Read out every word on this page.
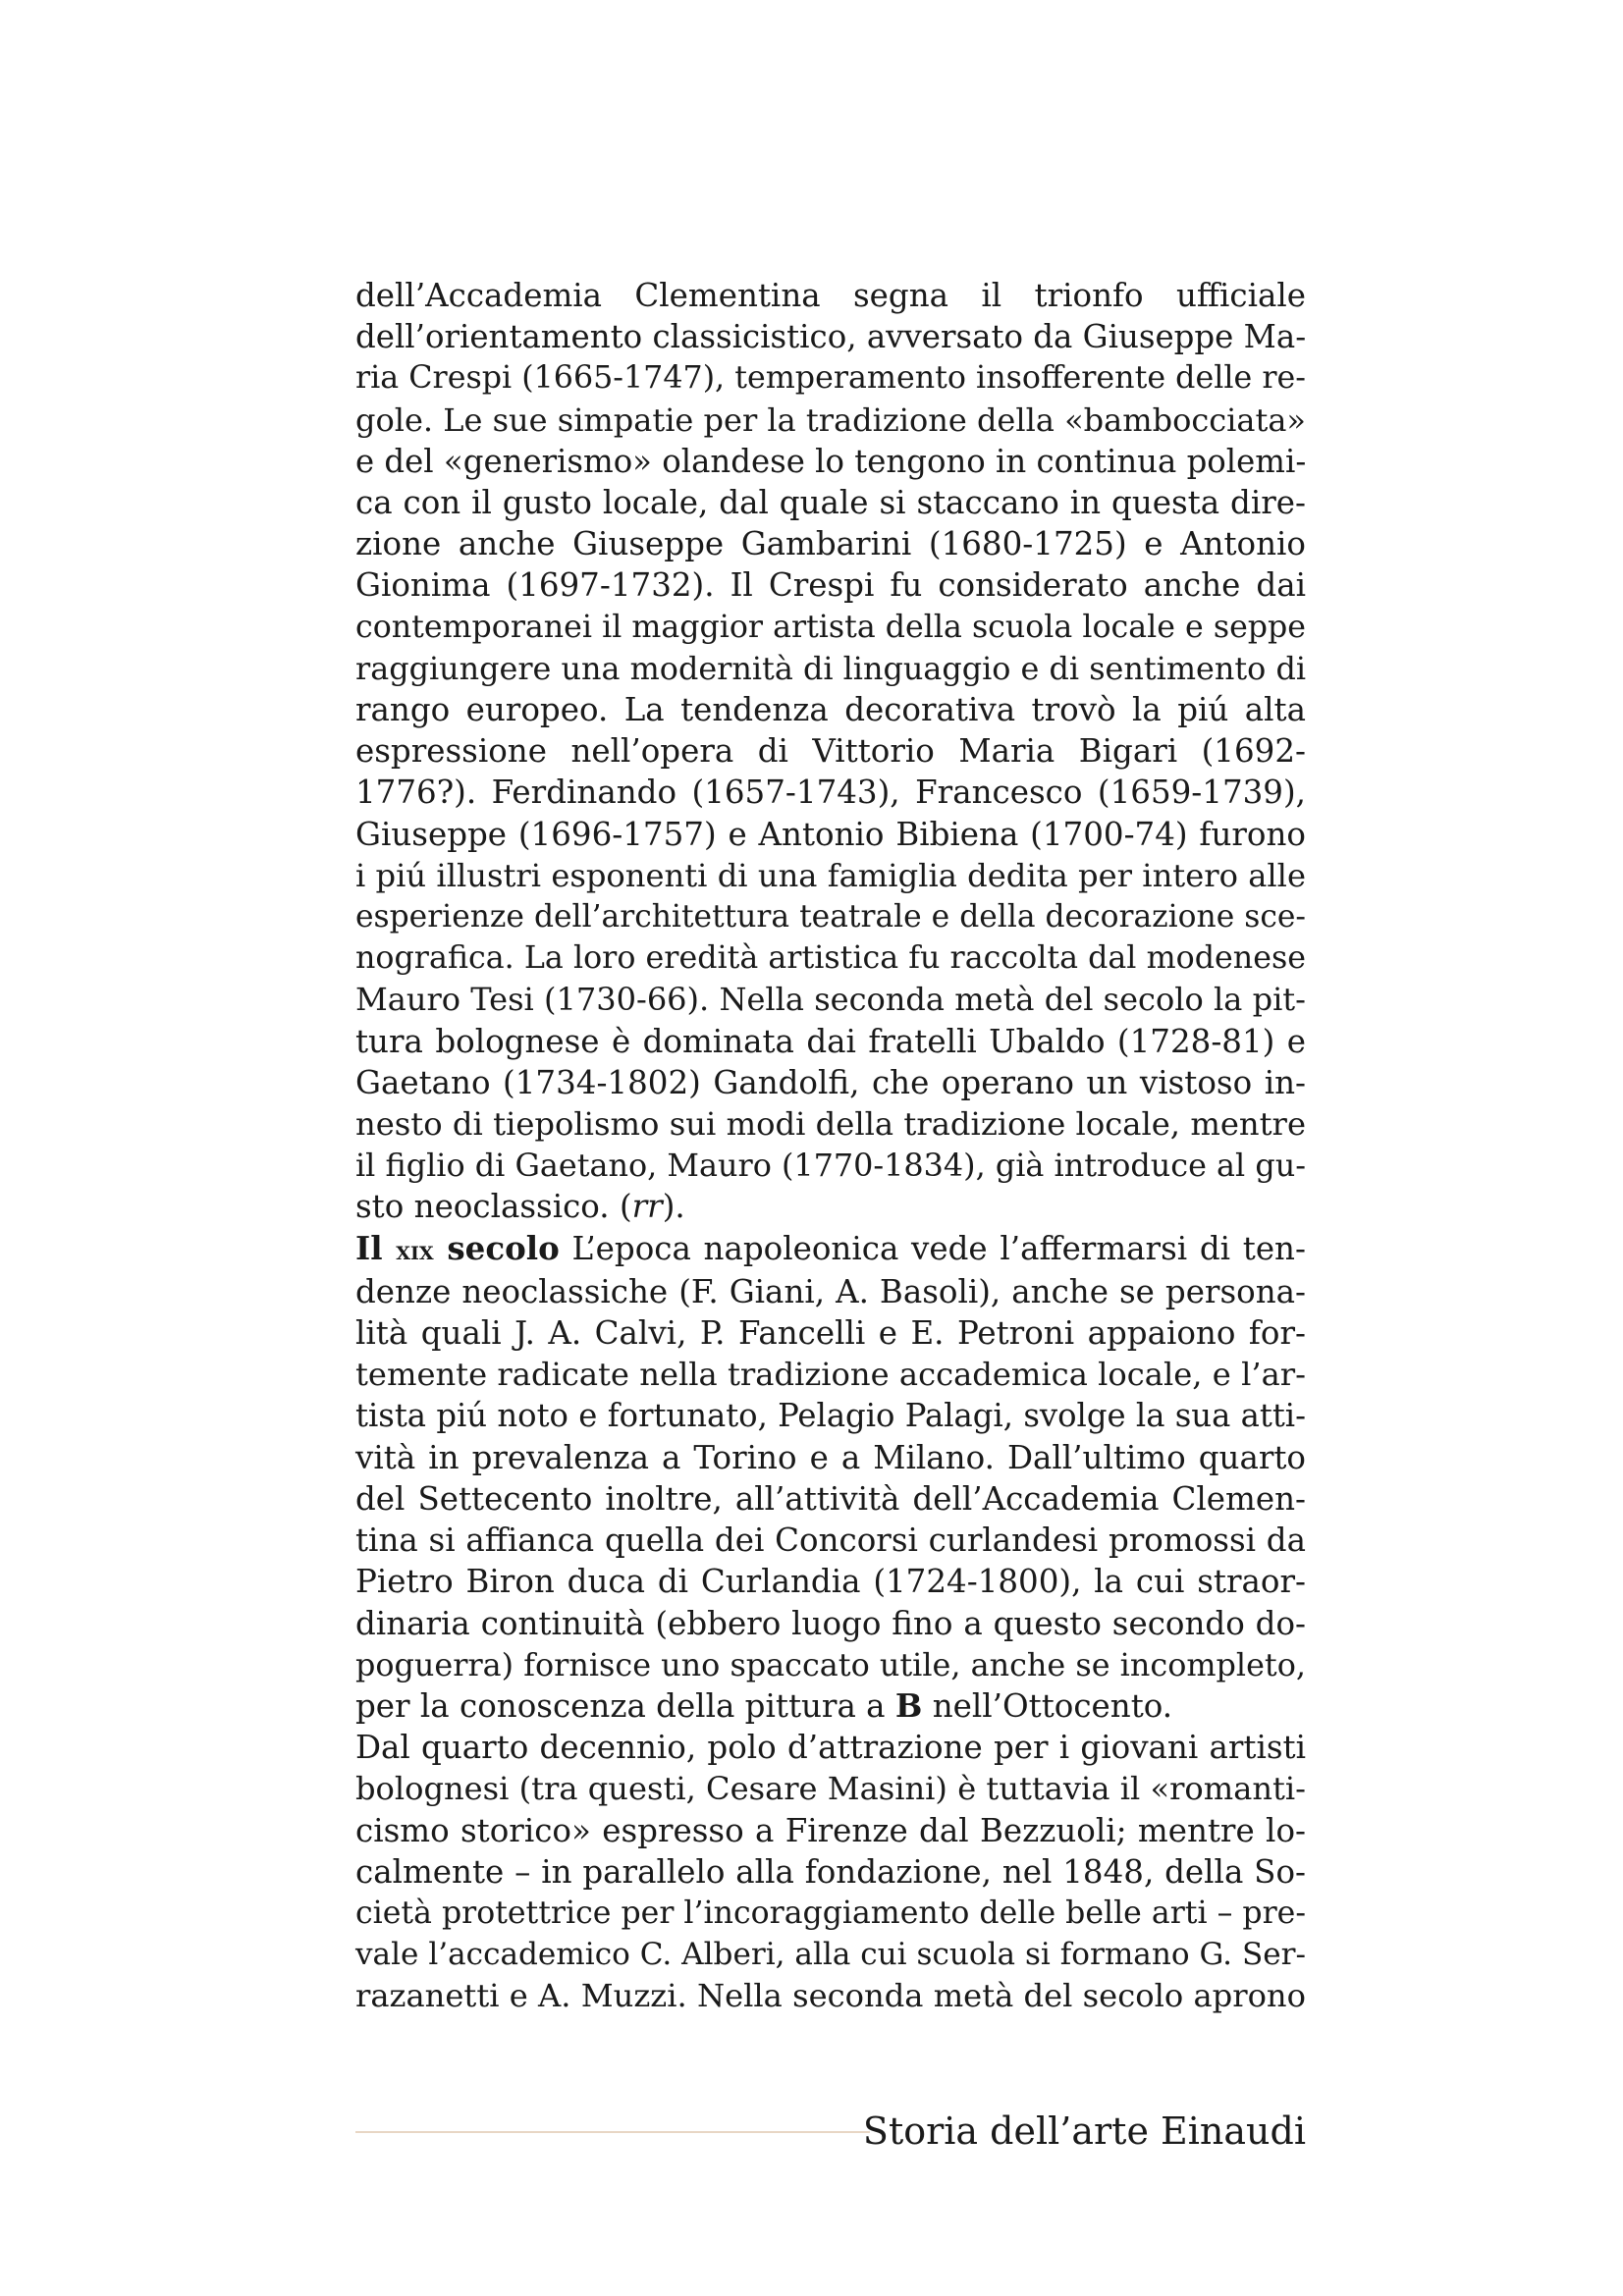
dell’Accademia Clementina segna il trionfo ufficiale
dell’orientamento classicistico, avversato da Giuseppe Ma-
ria Crespi (1665-1747), temperamento insofferente delle re-
gole. Le sue simpatie per la tradizione della «bambocciata»
e del «generismo» olandese lo tengono in continua polemi-
ca con il gusto locale, dal quale si staccano in questa dire-
zione anche Giuseppe Gambarini (1680-1725) e Antonio
Gionima (1697-1732). Il Crespi fu considerato anche dai
contemporanei il maggior artista della scuola locale e seppe
raggiungere una modernità di linguaggio e di sentimento di
rango europeo. La tendenza decorativa trovò la piú alta
espressione nell’opera di Vittorio Maria Bigari (1692-
1776?). Ferdinando (1657-1743), Francesco (1659-1739),
Giuseppe (1696-1757) e Antonio Bibiena (1700-74) furono
i piú illustri esponenti di una famiglia dedita per intero alle
esperienze dell’architettura teatrale e della decorazione sce-
nografica. La loro eredità artistica fu raccolta dal modenese
Mauro Tesi (1730-66). Nella seconda metà del secolo la pit-
tura bolognese è dominata dai fratelli Ubaldo (1728-81) e
Gaetano (1734-1802) Gandolfi, che operano un vistoso in-
nesto di tiepolismo sui modi della tradizione locale, mentre
il figlio di Gaetano, Mauro (1770-1834), già introduce al gu-
sto neoclassico. (rr).

Il xix secolo L’epoca napoleonica vede l’affermarsi di ten-
denze neoclassiche (F. Giani, A. Basoli), anche se persona-
lità quali J. A. Calvi, P. Fancelli e E. Petroni appaiono for-
temente radicate nella tradizione accademica locale, e l’ar-
tista piú noto e fortunato, Pelagio Palagi, svolge la sua atti-
vità in prevalenza a Torino e a Milano. Dall’ultimo quarto
del Settecento inoltre, all’attività dell’Accademia Clemen-
tina si affianca quella dei Concorsi curlandesi promossi da
Pietro Biron duca di Curlandia (1724-1800), la cui straor-
dinaria continuità (ebbero luogo fino a questo secondo do-
poguerra) fornisce uno spaccato utile, anche se incompleto,
per la conoscenza della pittura a B nell’Ottocento.

Dal quarto decennio, polo d’attrazione per i giovani artisti
bolognesi (tra questi, Cesare Masini) è tuttavia il «romanti-
cismo storico» espresso a Firenze dal Bezzuoli; mentre lo-
calmente – in parallelo alla fondazione, nel 1848, della So-
cietà protettrice per l’incoraggiamento delle belle arti – pre-
vale l’accademico C. Alberi, alla cui scuola si formano G. Ser-
razanetti e A. Muzzi. Nella seconda metà del secolo aprono

Storia dell’arte Einaudi
